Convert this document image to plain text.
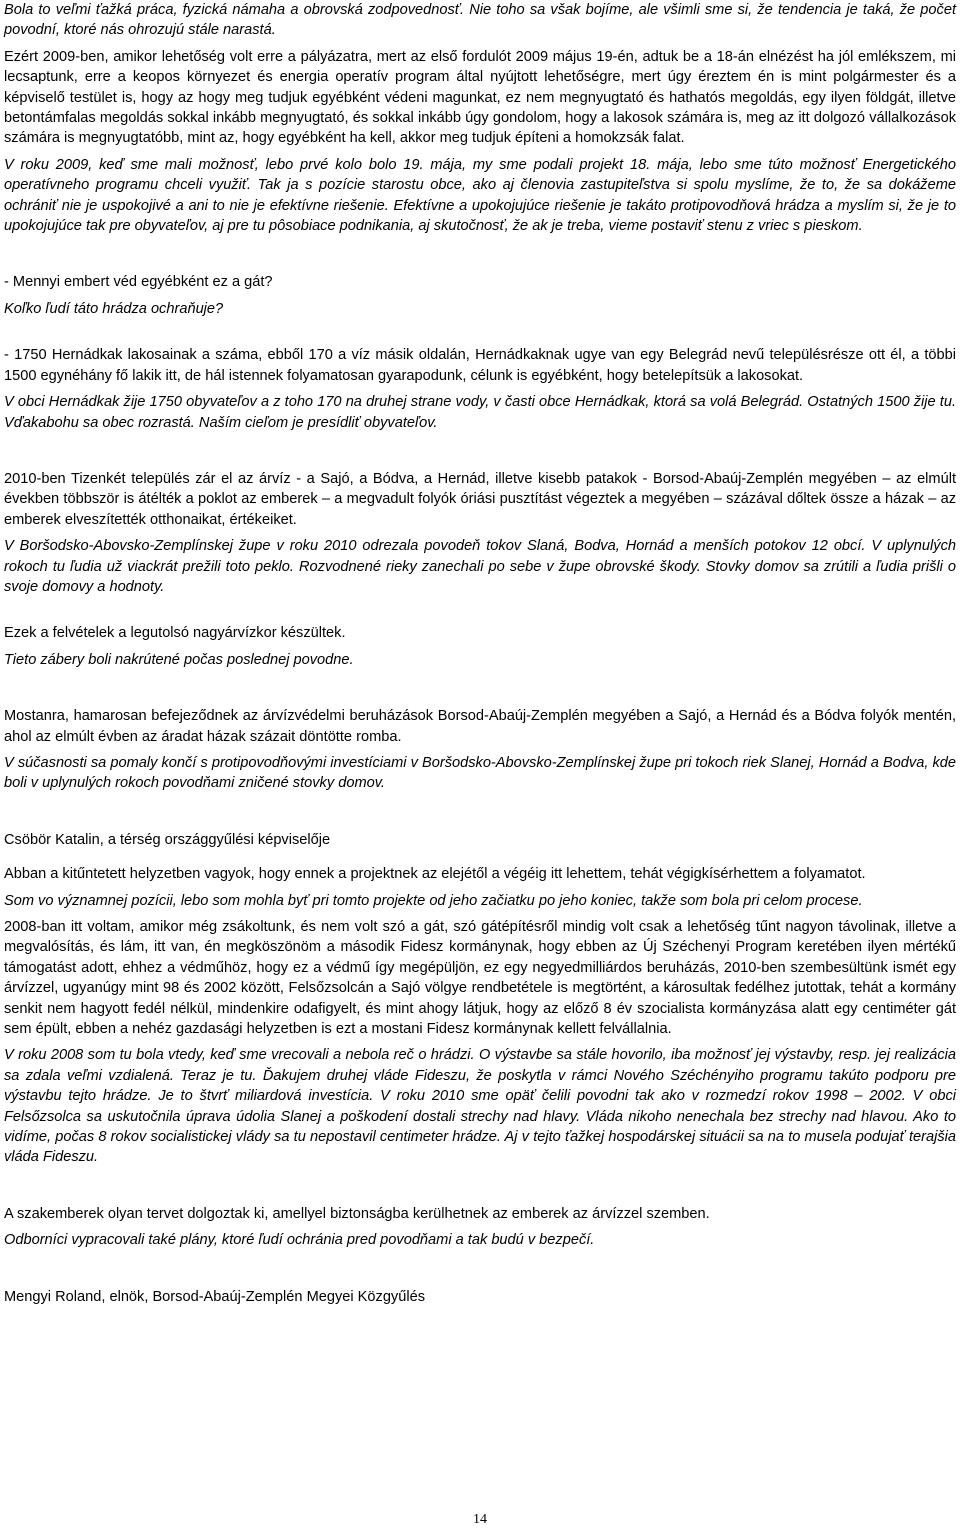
Bola to veľmi ťažká práca, fyzická námaha a obrovská zodpovednosť. Nie toho sa však bojíme, ale všimli sme si, že tendencia je taká, že počet povodní, ktoré nás ohrozujú stále narastá.

Ezért 2009-ben, amikor lehetőség volt erre a pályázatra, mert az első fordulót 2009 május 19-én, adtuk be a 18-án elnézést ha jól emlékszem, mi lecsaptunk, erre a keopos környezet és energia operatív program által nyújtott lehetőségre, mert úgy éreztem én is mint polgármester és a képviselő testület is, hogy az hogy meg tudjuk egyébként védeni magunkat, ez nem megnyugtató és hathatós megoldás, egy ilyen földgát, illetve betontámfalas megoldás sokkal inkább megnyugtató, és sokkal inkább úgy gondolom, hogy a lakosok számára is, meg az itt dolgozó vállalkozások számára is megnyugtatóbb, mint az, hogy egyébként ha kell, akkor meg tudjuk építeni a homokzsák falat.

V roku 2009, keď sme mali možnosť, lebo prvé kolo bolo 19. mája, my sme podali projekt 18. mája, lebo sme túto možnosť Energetického operatívneho programu chceli využiť. Tak ja s pozície starostu obce, ako aj členovia zastupiteľstva si spolu myslíme, že to, že sa dokážeme ochrániť nie je uspokojivé a ani to nie je efektívne riešenie. Efektívne a upokojujúce riešenie je takáto protipovodňová hrádza a myslím si, že je to upokojujúce tak pre obyvateľov, aj pre tu pôsobiace podnikania, aj skutočnosť, že ak je treba, vieme postaviť stenu z vriec s pieskom.

- Mennyi embert véd egyébként ez a gát?

Koľko ľudí táto hrádza ochraňuje?

- 1750 Hernádkak lakosainak a száma, ebből 170 a víz másik oldalán, Hernádkaknak ugye van egy Belegrád nevű településrésze ott él, a többi 1500 egynéhány fő lakik itt, de hál istennek folyamatosan gyarapodunk, célunk is egyébként, hogy betelepítsük a lakosokat.

V obci Hernádkak žije 1750 obyvateľov a z toho 170 na druhej strane vody, v časti obce Hernádkak, ktorá sa volá Belegrád. Ostatných 1500 žije tu. Vďakabohu sa obec rozrastá. Naším cieľom je presídliť obyvateľov.

2010-ben Tizenkét település zár el az árvíz - a Sajó, a Bódva, a Hernád, illetve kisebb patakok - Borsod-Abaúj-Zemplén megyében – az elmúlt években többször is átélték a poklot az emberek – a megvadult folyók óriási pusztítást végeztek a megyében – százával dőltek össze a házak – az emberek elveszítették otthonaikat, értékeiket.

V Boršodsko-Abovsko-Zemplínskej župe v roku 2010 odrezala povodeň tokov Slaná, Bodva, Hornád a menších potokov 12 obcí. V uplynulých rokoch tu ľudia už viackrát prežili toto peklo. Rozvodnené rieky zanechali po sebe v župe obrovské škody. Stovky domov sa zrútili a ľudia prišli o svoje domovy a hodnoty.

Ezek a felvételek a legutolsó nagyárvízkor készültek.

Tieto zábery boli nakrútené počas poslednej povodne.

Mostanra, hamarosan befejeződnek az árvízvédelmi beruházások Borsod-Abaúj-Zemplén megyében a Sajó, a Hernád és a Bódva folyók mentén, ahol az elmúlt évben az áradat házak százait döntötte romba.

V súčasnosti sa pomaly končí s protipovodňovými investíciami v Boršodsko-Abovsko-Zemplínskej župe pri tokoch riek Slanej, Hornád a Bodva, kde boli v uplynulých rokoch povodňami zničené stovky domov.

Csöbör Katalin, a térség országgyűlési képviselője

Abban a kitűntetett helyzetben vagyok, hogy ennek a projektnek az elejétől a végéig itt lehettem, tehát végigkísérhettem a folyamatot.

Som vo významnej pozícii, lebo som mohla byť pri tomto projekte od jeho začiatku po jeho koniec, takže som bola pri celom procese.

2008-ban itt voltam, amikor még zsákoltunk, és nem volt szó a gát, szó gátépítésről mindig volt csak a lehetőség tűnt nagyon távolinak, illetve a megvalósítás, és lám, itt van, én megköszönöm a második Fidesz kormánynak, hogy ebben az Új Széchenyi Program keretében ilyen mértékű támogatást adott, ehhez a védműhöz, hogy ez a védmű így megépüljön, ez egy negyedmilliárdos beruházás, 2010-ben szembesültünk ismét egy árvízzel, ugyanúgy mint 98 és 2002 között, Felsőzsolcán a Sajó völgye rendbetétele is megtörtént, a károsultak fedélhez jutottak, tehát a kormány senkit nem hagyott fedél nélkül, mindenkire odafigyelt, és mint ahogy látjuk, hogy az előző 8 év szocialista kormányzása alatt egy centiméter gát sem épült, ebben a nehéz gazdasági helyzetben is ezt a mostani Fidesz kormánynak kellett felvállalnia.

V roku 2008 som tu bola vtedy, keď sme vrecovali a nebola reč o hrádzi. O výstavbe sa stále hovorilo, iba možnosť jej výstavby, resp. jej realizácia sa zdala veľmi vzdialená. Teraz je tu. Ďakujem druhej vláde Fideszu, že poskytla v rámci Nového Széchényiho programu takúto podporu pre výstavbu tejto hrádze. Je to štvrť miliardová investícia. V roku 2010 sme opäť čelili povodni tak ako v rozmedzí rokov 1998 – 2002. V obci Felsőzsolca sa uskutočnila úprava údolia Slanej a poškodení dostali strechy nad hlavy. Vláda nikoho nenechala bez strechy nad hlavou. Ako to vidíme, počas 8 rokov socialistickej vlády sa tu nepostavil centimeter hrádze. Aj v tejto ťažkej hospodárskej situácii sa na to musela podujať terajšia vláda Fideszu.

A szakemberek olyan tervet dolgoztak ki, amellyel biztonságba kerülhetnek az emberek az árvízzel szemben.

Odborníci vypracovali také plány, ktoré ľudí ochránia pred povodňami a tak budú v bezpečí.

Mengyi Roland, elnök, Borsod-Abaúj-Zemplén Megyei Közgyűlés

14
